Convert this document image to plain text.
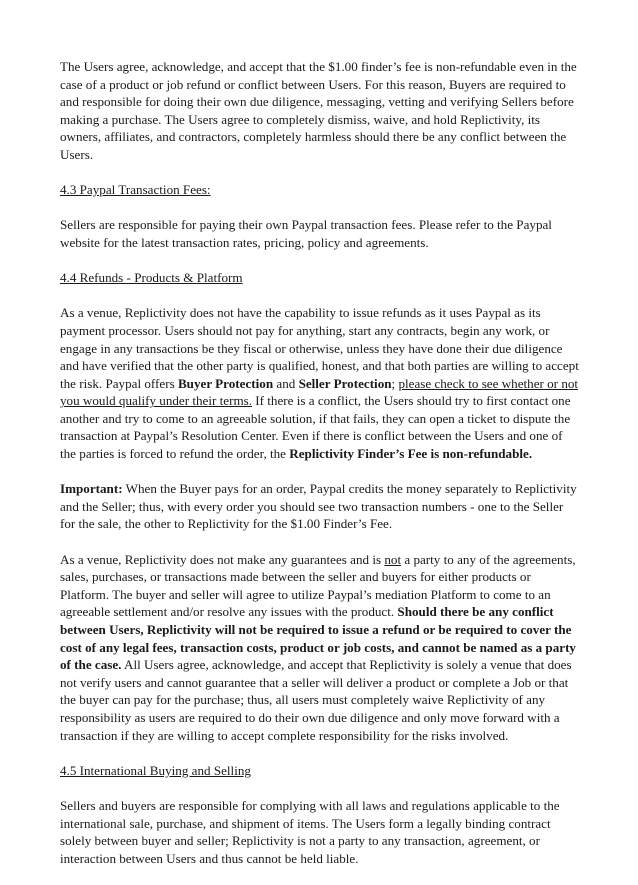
The Users agree, acknowledge, and accept that the $1.00 finder’s fee is non-refundable even in the case of a product or job refund or conflict between Users. For this reason, Buyers are required to and responsible for doing their own due diligence, messaging, vetting and verifying Sellers before making a purchase. The Users agree to completely dismiss, waive, and hold Replictivity, its owners, affiliates, and contractors, completely harmless should there be any conflict between the Users.

4.3 Paypal Transaction Fees:

Sellers are responsible for paying their own Paypal transaction fees. Please refer to the Paypal website for the latest transaction rates, pricing, policy and agreements.

4.4 Refunds - Products & Platform

As a venue, Replictivity does not have the capability to issue refunds as it uses Paypal as its payment processor. Users should not pay for anything, start any contracts, begin any work, or engage in any transactions be they fiscal or otherwise, unless they have done their due diligence and have verified that the other party is qualified, honest, and that both parties are willing to accept the risk. Paypal offers Buyer Protection and Seller Protection; please check to see whether or not you would qualify under their terms. If there is a conflict, the Users should try to first contact one another and try to come to an agreeable solution, if that fails, they can open a ticket to dispute the transaction at Paypal’s Resolution Center. Even if there is conflict between the Users and one of the parties is forced to refund the order, the Replictivity Finder’s Fee is non-refundable.

Important: When the Buyer pays for an order, Paypal credits the money separately to Replictivity and the Seller; thus, with every order you should see two transaction numbers - one to the Seller for the sale, the other to Replictivity for the $1.00 Finder’s Fee.

As a venue, Replictivity does not make any guarantees and is not a party to any of the agreements, sales, purchases, or transactions made between the seller and buyers for either products or Platform. The buyer and seller will agree to utilize Paypal’s mediation Platform to come to an agreeable settlement and/or resolve any issues with the product. Should there be any conflict between Users, Replictivity will not be required to issue a refund or be required to cover the cost of any legal fees, transaction costs, product or job costs, and cannot be named as a party of the case. All Users agree, acknowledge, and accept that Replictivity is solely a venue that does not verify users and cannot guarantee that a seller will deliver a product or complete a Job or that the buyer can pay for the purchase; thus, all users must completely waive Replictivity of any responsibility as users are required to do their own due diligence and only move forward with a transaction if they are willing to accept complete responsibility for the risks involved.

4.5 International Buying and Selling

Sellers and buyers are responsible for complying with all laws and regulations applicable to the international sale, purchase, and shipment of items. The Users form a legally binding contract solely between buyer and seller; Replictivity is not a party to any transaction, agreement, or interaction between Users and thus cannot be held liable.
